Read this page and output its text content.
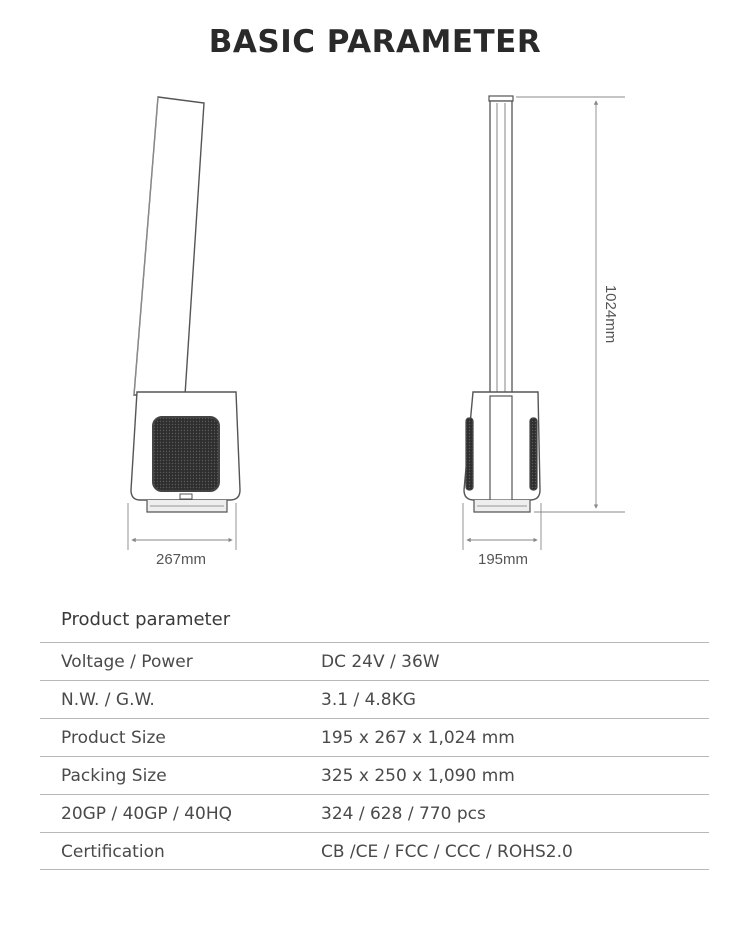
BASIC PARAMETER
267mm	195mm
1024mm
Product parameter
Voltage / Power	DC 24V / 36W
N.W. / G.W.	3.1 / 4.8KG
Product Size	195 x 267 x 1,024 mm
Packing Size	325 x 250 x 1,090 mm
20GP / 40GP / 40HQ	324 / 628 / 770 pcs
Certification	CB /CE / FCC / CCC / ROHS2.0
